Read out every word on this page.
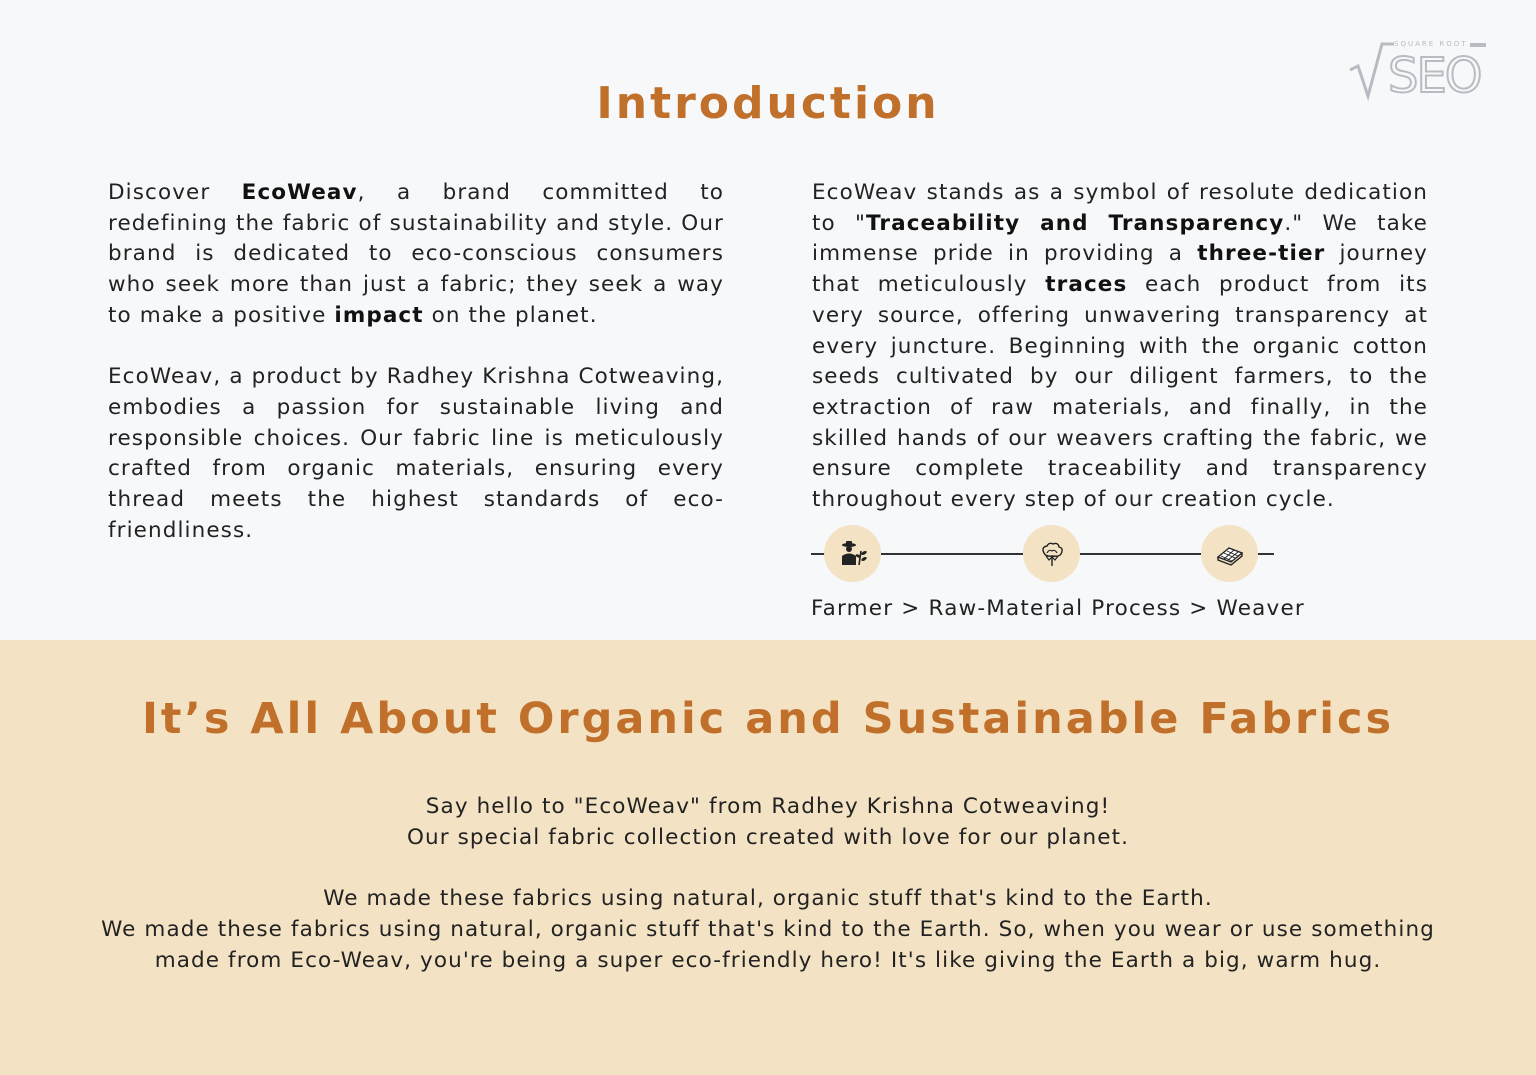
SQUARE ROOT
SEO
Introduction

Discover EcoWeav, a brand committed to redefining the fabric of sustainability and style. Our brand is dedicated to eco-conscious consumers who seek more than just a fabric; they seek a way to make a positive impact on the planet.

EcoWeav, a product by Radhey Krishna Cotweaving, embodies a passion for sustainable living and responsible choices. Our fabric line is meticulously crafted from organic materials, ensuring every thread meets the highest standards of eco-friendliness.

EcoWeav stands as a symbol of resolute dedication to "Traceability and Transparency." We take immense pride in providing a three-tier journey that meticulously traces each product from its very source, offering unwavering transparency at every juncture. Beginning with the organic cotton seeds cultivated by our diligent farmers, to the extraction of raw materials, and finally, in the skilled hands of our weavers crafting the fabric, we ensure complete traceability and transparency throughout every step of our creation cycle.

Farmer > Raw-Material Process > Weaver
It’s All About Organic and Sustainable Fabrics

Say hello to "EcoWeav" from Radhey Krishna Cotweaving!
Our special fabric collection created with love for our planet.

We made these fabrics using natural, organic stuff that's kind to the Earth.
We made these fabrics using natural, organic stuff that's kind to the Earth. So, when you wear or use something
made from Eco-Weav, you're being a super eco-friendly hero! It's like giving the Earth a big, warm hug.
